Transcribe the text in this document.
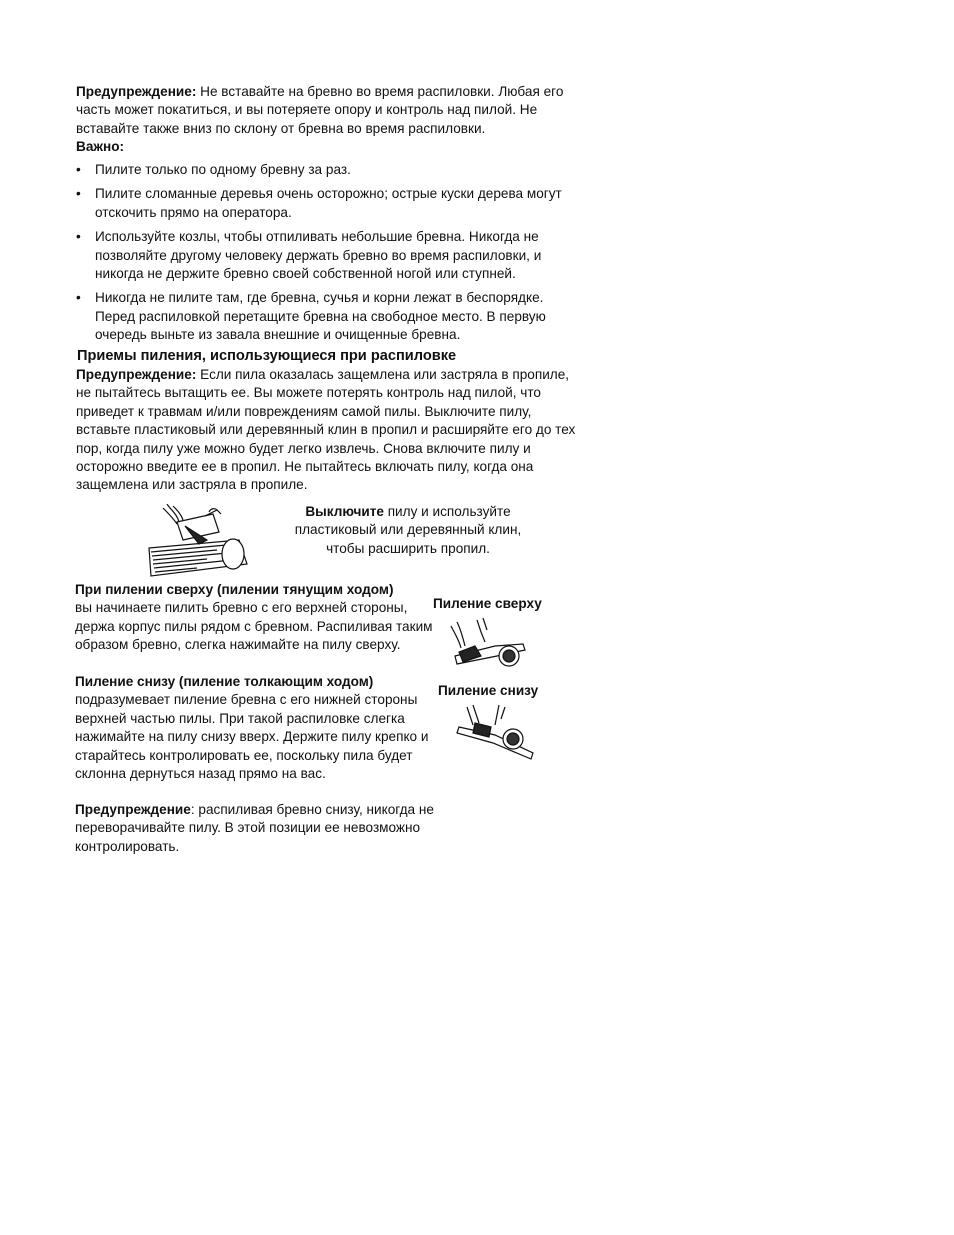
Предупреждение: Не вставайте на бревно во время распиловки. Любая его часть может покатиться, и вы потеряете опору и контроль над пилой. Не вставайте также вниз по склону от бревна во время распиловки.
Важно:
• Пилите только по одному бревну за раз.
• Пилите сломанные деревья очень осторожно; острые куски дерева могут отскочить прямо на оператора.
• Используйте козлы, чтобы отпиливать небольшие бревна. Никогда не позволяйте другому человеку держать бревно во время распиловки, и никогда не держите бревно своей собственной ногой или ступней.
• Никогда не пилите там, где бревна, сучья и корни лежат в беспорядке. Перед распиловкой перетащите бревна на свободное место. В первую очередь выньте из завала внешние и очищенные бревна.
Приемы пиления, использующиеся при распиловке
Предупреждение: Если пила оказалась защемлена или застряла в пропиле, не пытайтесь вытащить ее. Вы можете потерять контроль над пилой, что приведет к травмам и/или повреждениям самой пилы. Выключите пилу, вставьте пластиковый или деревянный клин в пропил и расширяйте его до тех пор, когда пилу уже можно будет легко извлечь. Снова включите пилу и осторожно введите ее в пропил. Не пытайтесь включать пилу, когда она защемлена или застряла в пропиле.
Выключите пилу и используйте пластиковый или деревянный клин, чтобы расширить пропил.
При пилении сверху (пилении тянущим ходом)
вы начинаете пилить бревно с его верхней стороны, держа корпус пилы рядом с бревном. Распиливая таким образом бревно, слегка нажимайте на пилу сверху.
Пиление сверху
Пиление снизу (пиление толкающим ходом)
подразумевает пиление бревна с его нижней стороны верхней частью пилы. При такой распиловке слегка нажимайте на пилу снизу вверх. Держите пилу крепко и старайтесь контролировать ее, поскольку пила будет склонна дернуться назад прямо на вас.
Пиление снизу
Предупреждение: распиливая бревно снизу, никогда не переворачивайте пилу. В этой позиции ее невозможно контролировать.
